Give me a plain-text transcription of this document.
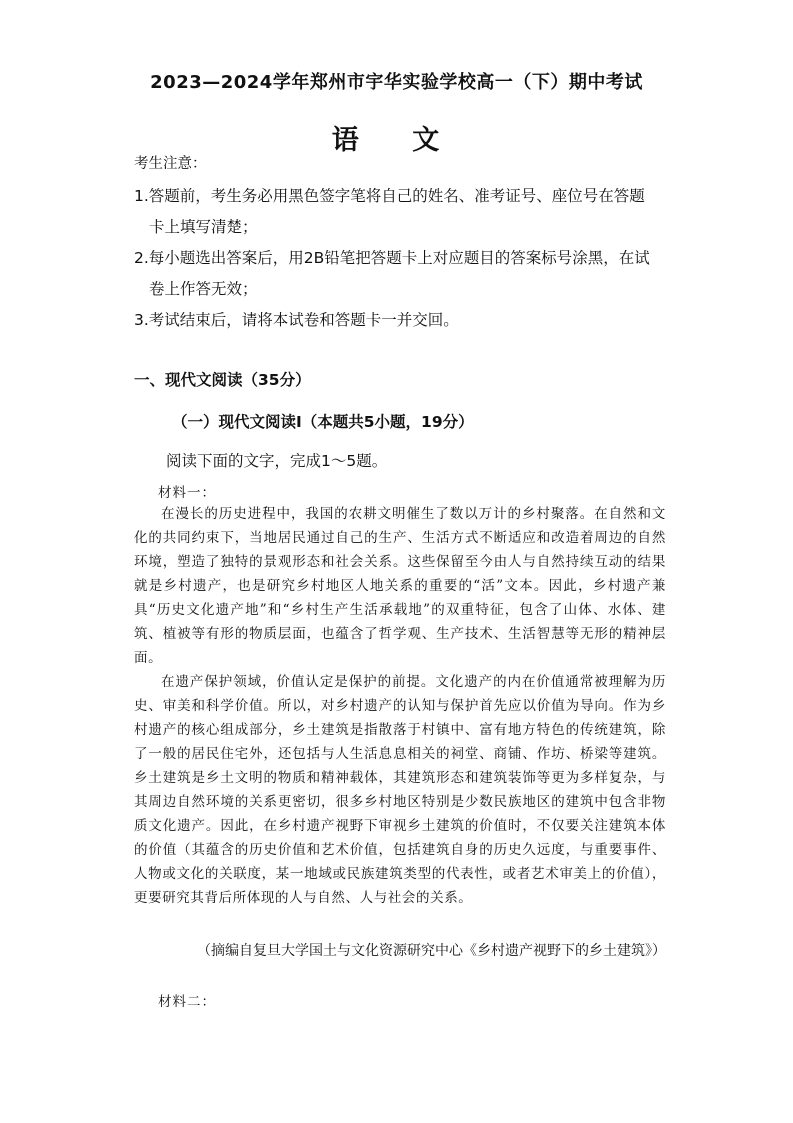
2023—2024学年郑州市宇华实验学校高一（下）期中考试
语 文
考生注意：
1.答题前，考生务必用黑色签字笔将自己的姓名、准考证号、座位号在答题
卡上填写清楚；
2.每小题选出答案后，用2B铅笔把答题卡上对应题目的答案标号涂黑，在试
卷上作答无效；
3.考试结束后，请将本试卷和答题卡一并交回。
一、现代文阅读（35分）
（一）现代文阅读Ⅰ（本题共5小题，19分）
阅读下面的文字，完成1～5题。
材料一：
在漫长的历史进程中，我国的农耕文明催生了数以万计的乡村聚落。在自然和文化的共同约束下，当地居民通过自己的生产、生活方式不断适应和改造着周边的自然环境，塑造了独特的景观形态和社会关系。这些保留至今由人与自然持续互动的结果就是乡村遗产，也是研究乡村地区人地关系的重要的“活”文本。因此，乡村遗产兼具“历史文化遗产地”和“乡村生产生活承载地”的双重特征，包含了山体、水体、建筑、植被等有形的物质层面，也蕴含了哲学观、生产技术、生活智慧等无形的精神层面。
在遗产保护领域，价值认定是保护的前提。文化遗产的内在价值通常被理解为历史、审美和科学价值。所以，对乡村遗产的认知与保护首先应以价值为导向。作为乡村遗产的核心组成部分，乡土建筑是指散落于村镇中、富有地方特色的传统建筑，除了一般的居民住宅外，还包括与人生活息息相关的祠堂、商铺、作坊、桥梁等建筑。乡土建筑是乡土文明的物质和精神载体，其建筑形态和建筑装饰等更为多样复杂，与其周边自然环境的关系更密切，很多乡村地区特别是少数民族地区的建筑中包含非物质文化遗产。因此，在乡村遗产视野下审视乡土建筑的价值时，不仅要关注建筑本体的价值（其蕴含的历史价值和艺术价值，包括建筑自身的历史久远度，与重要事件、人物或文化的关联度，某一地域或民族建筑类型的代表性，或者艺术审美上的价值），更要研究其背后所体现的人与自然、人与社会的关系。
（摘编自复旦大学国土与文化资源研究中心《乡村遗产视野下的乡土建筑》）
材料二：
